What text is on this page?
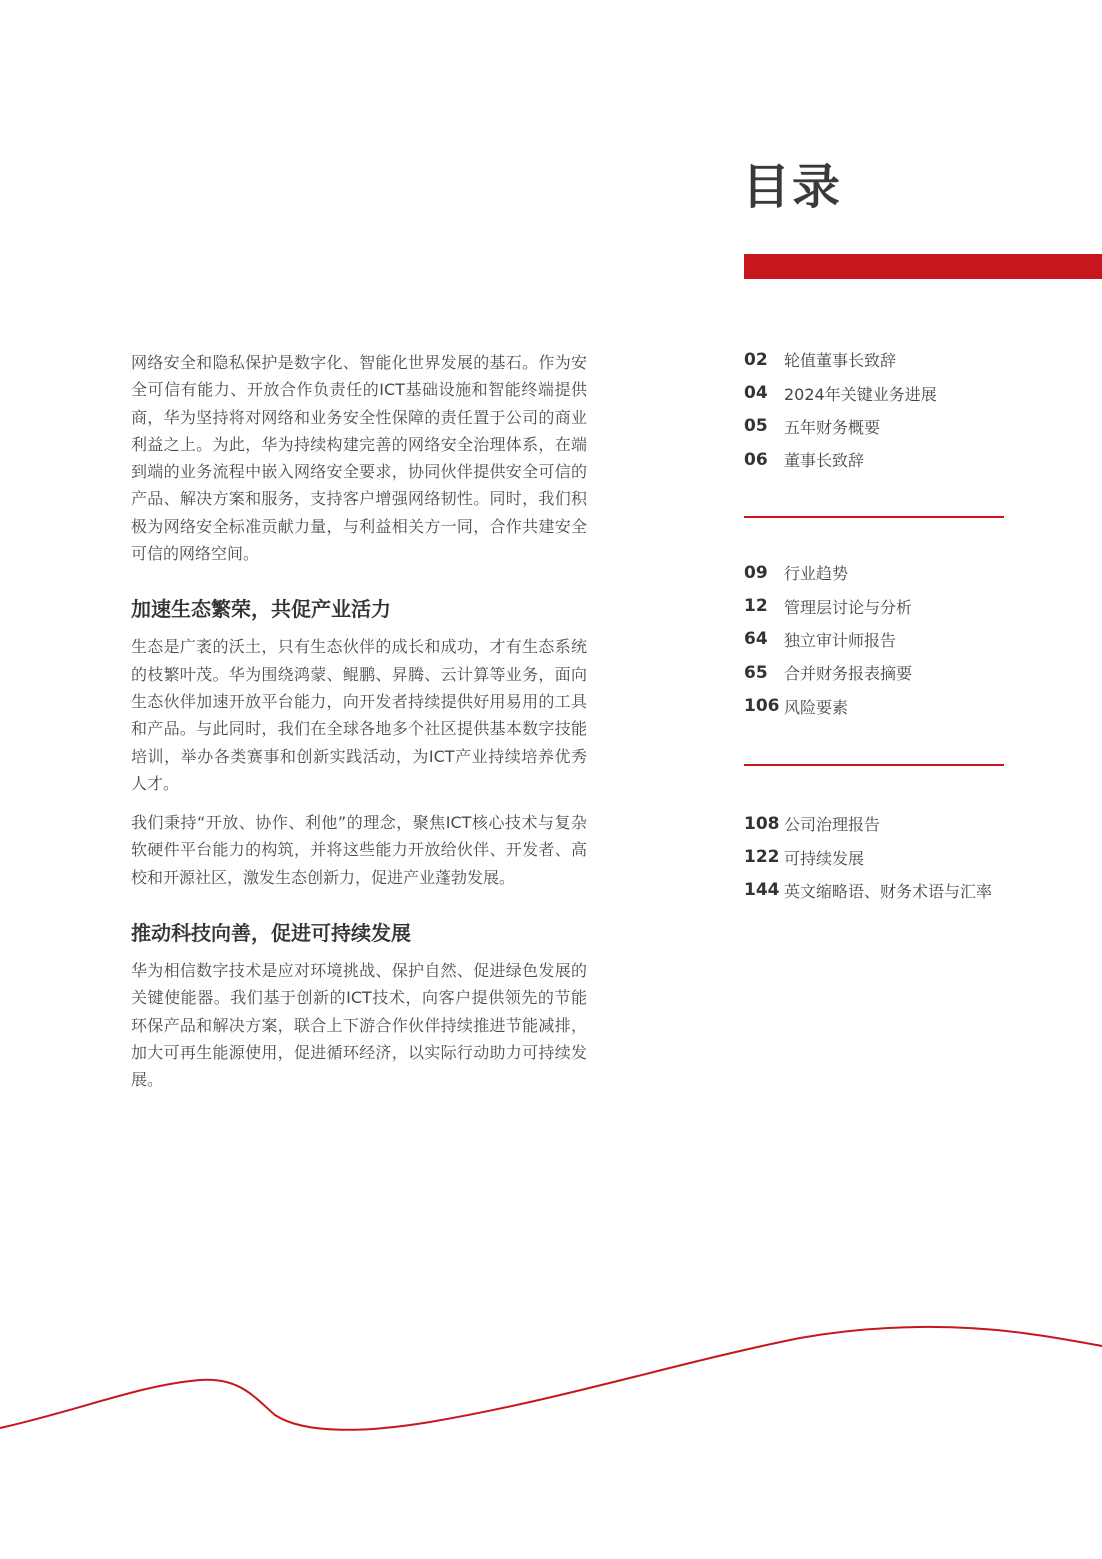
目录

网络安全和隐私保护是数字化、智能化世界发展的基石。作为安全可信有能力、开放合作负责任的ICT基础设施和智能终端提供商，华为坚持将对网络和业务安全性保障的责任置于公司的商业利益之上。为此，华为持续构建完善的网络安全治理体系，在端到端的业务流程中嵌入网络安全要求，协同伙伴提供安全可信的产品、解决方案和服务，支持客户增强网络韧性。同时，我们积极为网络安全标准贡献力量，与利益相关方一同，合作共建安全可信的网络空间。

加速生态繁荣，共促产业活力

生态是广袤的沃土，只有生态伙伴的成长和成功，才有生态系统的枝繁叶茂。华为围绕鸿蒙、鲲鹏、昇腾、云计算等业务，面向生态伙伴加速开放平台能力，向开发者持续提供好用易用的工具和产品。与此同时，我们在全球各地多个社区提供基本数字技能培训，举办各类赛事和创新实践活动，为ICT产业持续培养优秀人才。

我们秉持“开放、协作、利他”的理念，聚焦ICT核心技术与复杂软硬件平台能力的构筑，并将这些能力开放给伙伴、开发者、高校和开源社区，激发生态创新力，促进产业蓬勃发展。

推动科技向善，促进可持续发展

华为相信数字技术是应对环境挑战、保护自然、促进绿色发展的关键使能器。我们基于创新的ICT技术，向客户提供领先的节能环保产品和解决方案，联合上下游合作伙伴持续推进节能减排，加大可再生能源使用，促进循环经济，以实际行动助力可持续发展。

02	轮值董事长致辞
04	2024年关键业务进展
05	五年财务概要
06	董事长致辞
09	行业趋势
12	管理层讨论与分析
64	独立审计师报告
65	合并财务报表摘要
106 风险要素
108 公司治理报告
122 可持续发展
144 英文缩略语、财务术语与汇率
